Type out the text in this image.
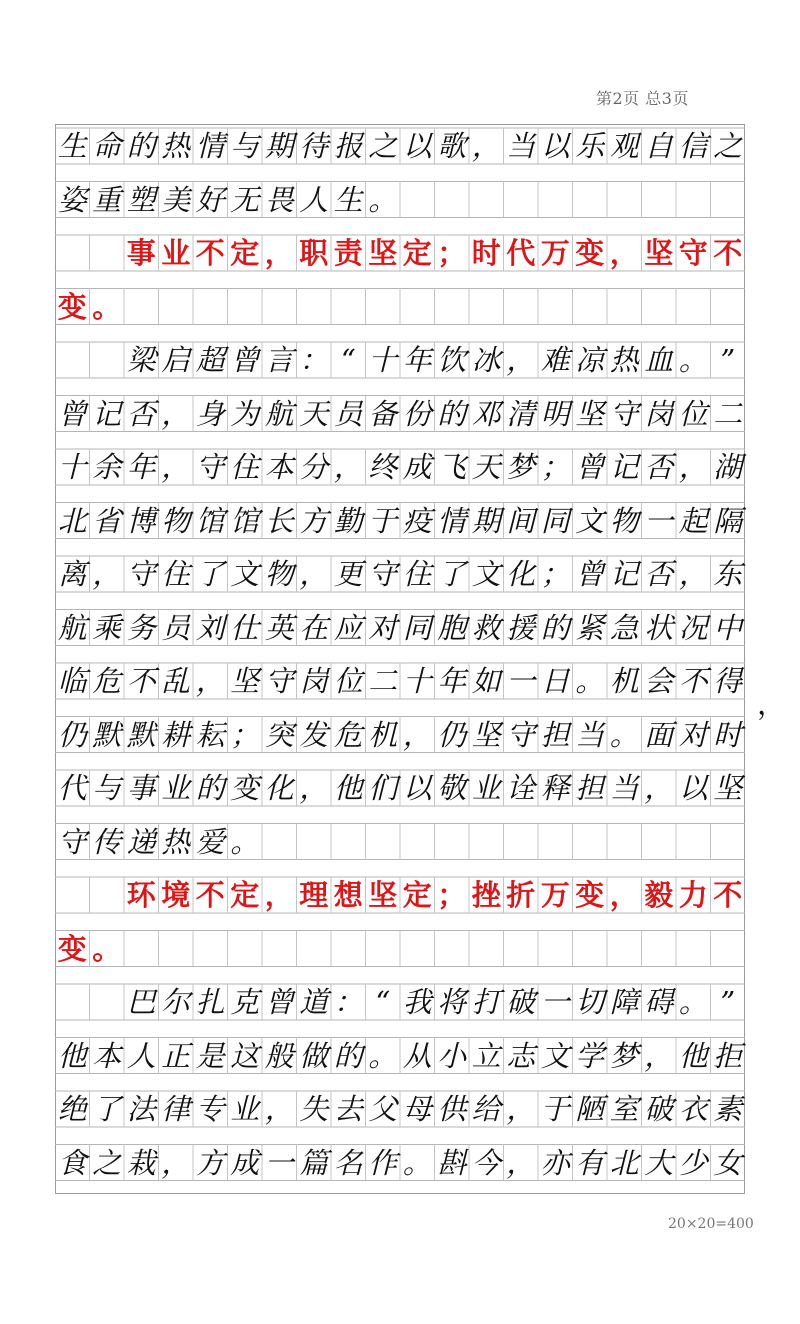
第2页 总3页
生 命 的 热 情 与 期 待 报 之 以 歌 ， 当 以 乐 观 自 信 之
姿 重 塑 美 好 无 畏 人 生 。

事 业 不 定 ， 职 责 坚 定 ； 时 代 万 变 ， 坚 守 不
变 。

梁 启 超 曾 言 ： “ 十 年 饮 冰 ， 难 凉 热 血 。 ”
曾 记 否 ， 身 为 航 天 员 备 份 的 邓 清 明 坚 守 岗 位 二
十 余 年 ， 守 住 本 分 ， 终 成 飞 天 梦 ； 曾 记 否 ， 湖
北 省 博 物 馆 馆 长 方 勤 于 疫 情 期 间 同 文 物 一 起 隔
离 ， 守 住 了 文 物 ， 更 守 住 了 文 化 ； 曾 记 否 ， 东
航 乘 务 员 刘 仕 英 在 应 对 同 胞 救 援 的 紧 急 状 况 中
临 危 不 乱 ， 坚 守 岗 位 二 十 年 如 一 日 。 机 会 不 得
仍 默 默 耕 耘 ； 突 发 危 机 ， 仍 坚 守 担 当 。 面 对 时
代 与 事 业 的 变 化 ， 他 们 以 敬 业 诠 释 担 当 ， 以 坚
守 传 递 热 爱 。

环 境 不 定 ， 理 想 坚 定 ； 挫 折 万 变 ， 毅 力 不
变 。

巴 尔 扎 克 曾 道 ： “ 我 将 打 破 一 切 障 碍 。 ”
他 本 人 正 是 这 般 做 的 。 从 小 立 志 文 学 梦 ， 他 拒
绝 了 法 律 专 业 ， 失 去 父 母 供 给 ， 于 陋 室 破 衣 素
食 之 栽 ， 方 成 一 篇 名 作 。 斟 今 ， 亦 有 北 大 少 女
，
20×20=400
